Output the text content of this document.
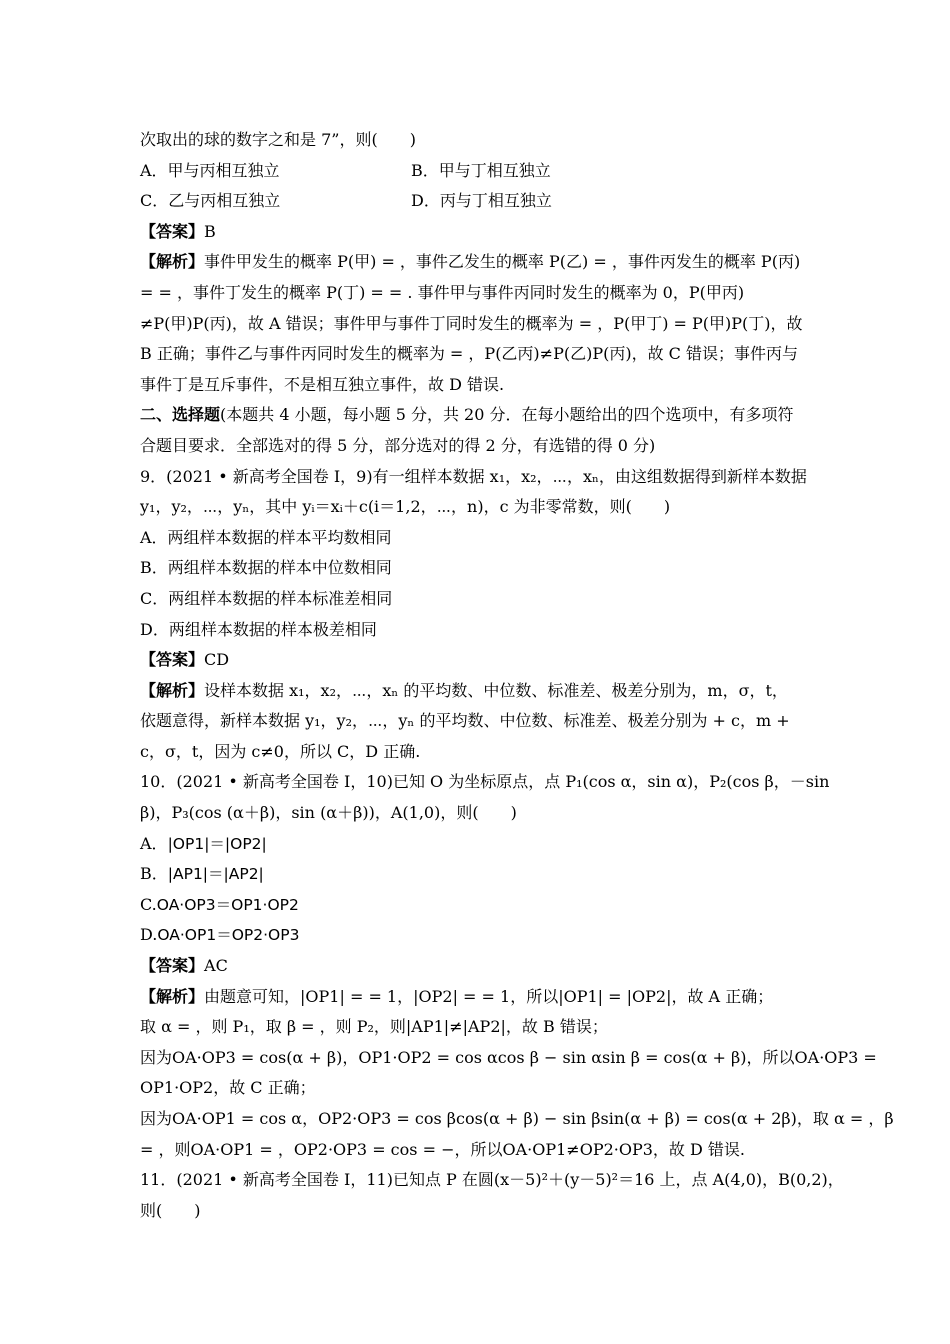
次取出的球的数字之和是 7”，则(　　)
A．甲与丙相互独立	B．甲与丁相互独立
C．乙与丙相互独立	D．丙与丁相互独立
【答案】B
【解析】事件甲发生的概率 P(甲) = ，事件乙发生的概率 P(乙) = ，事件丙发生的概率 P(丙)
= = ，事件丁发生的概率 P(丁) = = . 事件甲与事件丙同时发生的概率为 0，P(甲丙)
≠P(甲)P(丙)，故 A 错误；事件甲与事件丁同时发生的概率为 = ，P(甲丁) = P(甲)P(丁)，故
B 正确；事件乙与事件丙同时发生的概率为 = ，P(乙丙)≠P(乙)P(丙)，故 C 错误；事件丙与
事件丁是互斥事件，不是相互独立事件，故 D 错误.
二、选择题(本题共 4 小题，每小题 5 分，共 20 分．在每小题给出的四个选项中，有多项符
合题目要求．全部选对的得 5 分，部分选对的得 2 分，有选错的得 0 分)
9．(2021 • 新高考全国卷 I，9)有一组样本数据 x₁，x₂，⋯，xₙ，由这组数据得到新样本数据
y₁，y₂，⋯，yₙ，其中 yᵢ＝xᵢ＋c(i＝1,2，⋯，n)，c 为非零常数，则(　　)
A．两组样本数据的样本平均数相同
B．两组样本数据的样本中位数相同
C．两组样本数据的样本标准差相同
D．两组样本数据的样本极差相同
【答案】CD
【解析】设样本数据 x₁，x₂，⋯，xₙ 的平均数、中位数、标准差、极差分别为，m，σ，t，
依题意得，新样本数据 y₁，y₂，⋯，yₙ 的平均数、中位数、标准差、极差分别为 + c，m +
c，σ，t，因为 c≠0，所以 C，D 正确.
10．(2021 • 新高考全国卷 I，10)已知 O 为坐标原点，点 P₁(cos α，sin α)，P₂(cos β，－sin
β)，P₃(cos (α＋β)，sin (α＋β))，A(1,0)，则(　　)
A．|OP1|＝|OP2|
B．|AP1|＝|AP2|
C.OA·OP3＝OP1·OP2
D.OA·OP1＝OP2·OP3
【答案】AC
【解析】由题意可知，|OP1| = = 1，|OP2| = = 1，所以|OP1| = |OP2|，故 A 正确；
取 α = ，则 P₁，取 β = ，则 P₂，则|AP1|≠|AP2|，故 B 错误；
因为OA·OP3 = cos(α + β)，OP1·OP2 = cos αcos β − sin αsin β = cos(α + β)，所以OA·OP3 =
OP1·OP2，故 C 正确；
因为OA·OP1 = cos α，OP2·OP3 = cos βcos(α + β) − sin βsin(α + β) = cos(α + 2β)，取 α = ，β
= ，则OA·OP1 = ，OP2·OP3 = cos = −，所以OA·OP1≠OP2·OP3，故 D 错误.
11．(2021 • 新高考全国卷 I，11)已知点 P 在圆(x－5)²＋(y－5)²＝16 上，点 A(4,0)，B(0,2)，
则(　　)
